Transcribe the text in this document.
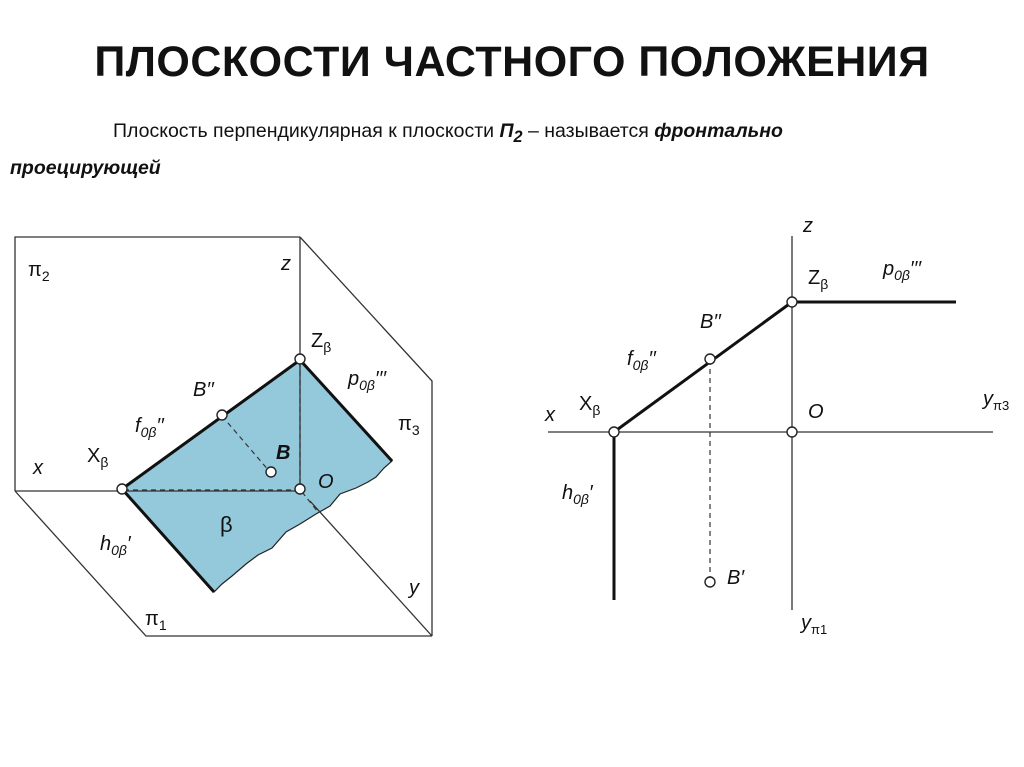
ПЛОСКОСТИ ЧАСТНОГО ПОЛОЖЕНИЯ

Плоскость перпендикулярная к плоскости $П_2$ – называется фронтально
проецирующей

$\pi_2$
z
$Z_\beta$
$p_{0\beta}'''$
B′′
$f_{0\beta}''$	$\pi_3$
B
$X_\beta$
x
O
β
$h_{0\beta}'$
y
$\pi_1$
z
$Z_\beta$
$p_{0\beta}'''$
B′′
$f_{0\beta}''$
$X_\beta$
x	O
$y_{\pi 3}$
$h_{0\beta}'$
B′
$y_{\pi 1}$
